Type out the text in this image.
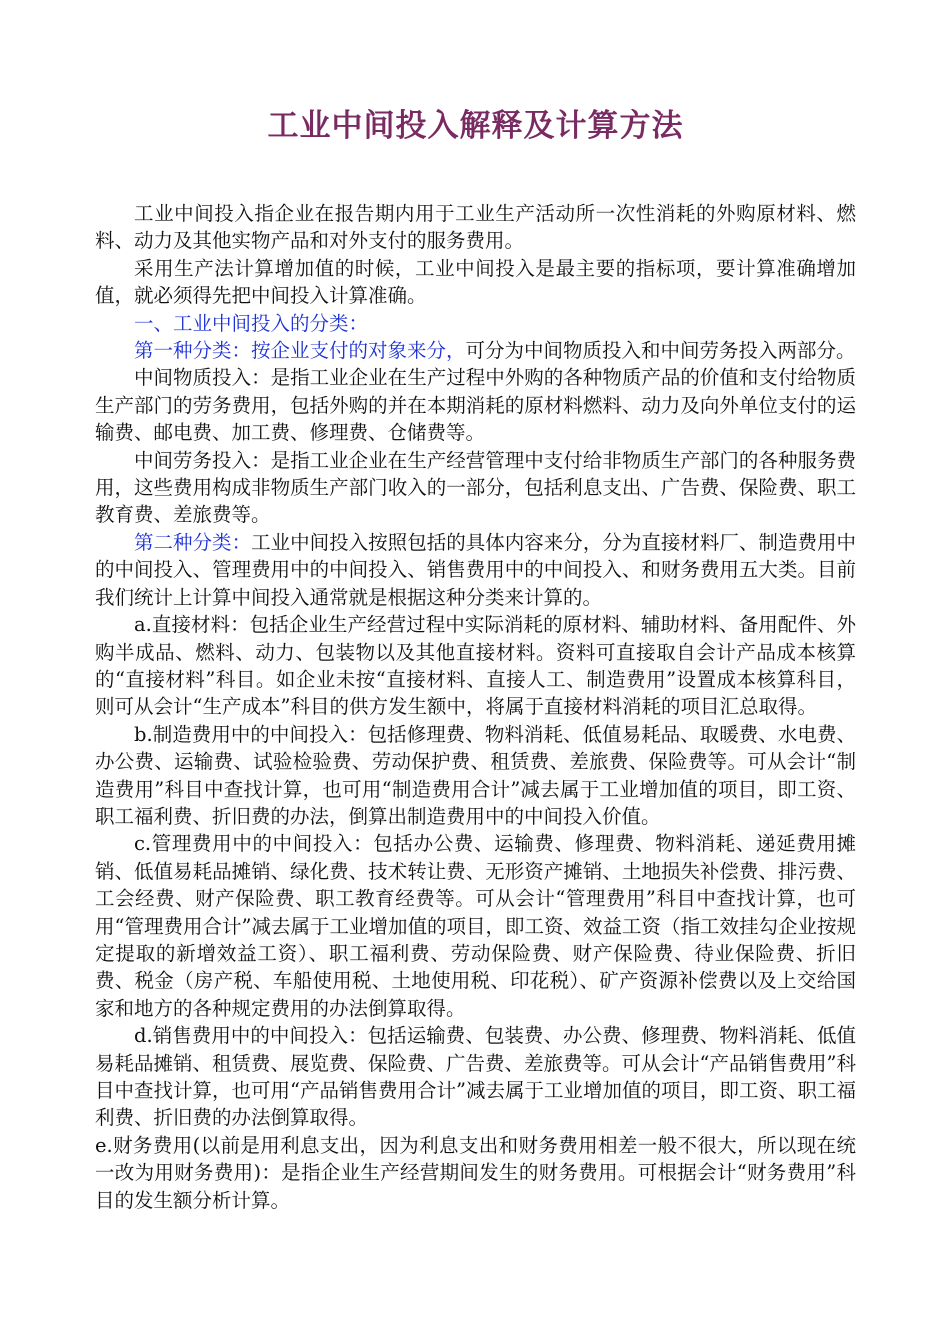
工业中间投入解释及计算方法

工业中间投入指企业在报告期内用于工业生产活动所一次性消耗的外购原材料、燃料、动力及其他实物产品和对外支付的服务费用。

采用生产法计算增加值的时候，工业中间投入是最主要的指标项，要计算准确增加值，就必须得先把中间投入计算准确。

一、工业中间投入的分类：

第一种分类：按企业支付的对象来分，可分为中间物质投入和中间劳务投入两部分。

中间物质投入：是指工业企业在生产过程中外购的各种物质产品的价值和支付给物质生产部门的劳务费用，包括外购的并在本期消耗的原材料燃料、动力及向外单位支付的运输费、邮电费、加工费、修理费、仓储费等。

中间劳务投入：是指工业企业在生产经营管理中支付给非物质生产部门的各种服务费用，这些费用构成非物质生产部门收入的一部分，包括利息支出、广告费、保险费、职工教育费、差旅费等。

第二种分类：工业中间投入按照包括的具体内容来分，分为直接材料厂、制造费用中的中间投入、管理费用中的中间投入、销售费用中的中间投入、和财务费用五大类。目前我们统计上计算中间投入通常就是根据这种分类来计算的。

a.直接材料：包括企业生产经营过程中实际消耗的原材料、辅助材料、备用配件、外购半成品、燃料、动力、包装物以及其他直接材料。资料可直接取自会计产品成本核算的“直接材料”科目。如企业未按“直接材料、直接人工、制造费用”设置成本核算科目，则可从会计“生产成本”科目的供方发生额中，将属于直接材料消耗的项目汇总取得。

b.制造费用中的中间投入：包括修理费、物料消耗、低值易耗品、取暖费、水电费、办公费、运输费、试验检验费、劳动保护费、租赁费、差旅费、保险费等。可从会计“制造费用”科目中查找计算，也可用“制造费用合计”减去属于工业增加值的项目，即工资、职工福利费、折旧费的办法，倒算出制造费用中的中间投入价值。

c.管理费用中的中间投入：包括办公费、运输费、修理费、物料消耗、递延费用摊销、低值易耗品摊销、绿化费、技术转让费、无形资产摊销、土地损失补偿费、排污费、工会经费、财产保险费、职工教育经费等。可从会计“管理费用”科目中查找计算，也可用“管理费用合计”减去属于工业增加值的项目，即工资、效益工资（指工效挂勾企业按规定提取的新增效益工资）、职工福利费、劳动保险费、财产保险费、待业保险费、折旧费、税金（房产税、车船使用税、土地使用税、印花税）、矿产资源补偿费以及上交给国家和地方的各种规定费用的办法倒算取得。

d.销售费用中的中间投入：包括运输费、包装费、办公费、修理费、物料消耗、低值易耗品摊销、租赁费、展览费、保险费、广告费、差旅费等。可从会计“产品销售费用”科目中查找计算，也可用“产品销售费用合计”减去属于工业增加值的项目，即工资、职工福利费、折旧费的办法倒算取得。

e.财务费用(以前是用利息支出，因为利息支出和财务费用相差一般不很大，所以现在统一改为用财务费用)：是指企业生产经营期间发生的财务费用。可根据会计“财务费用”科目的发生额分析计算。
